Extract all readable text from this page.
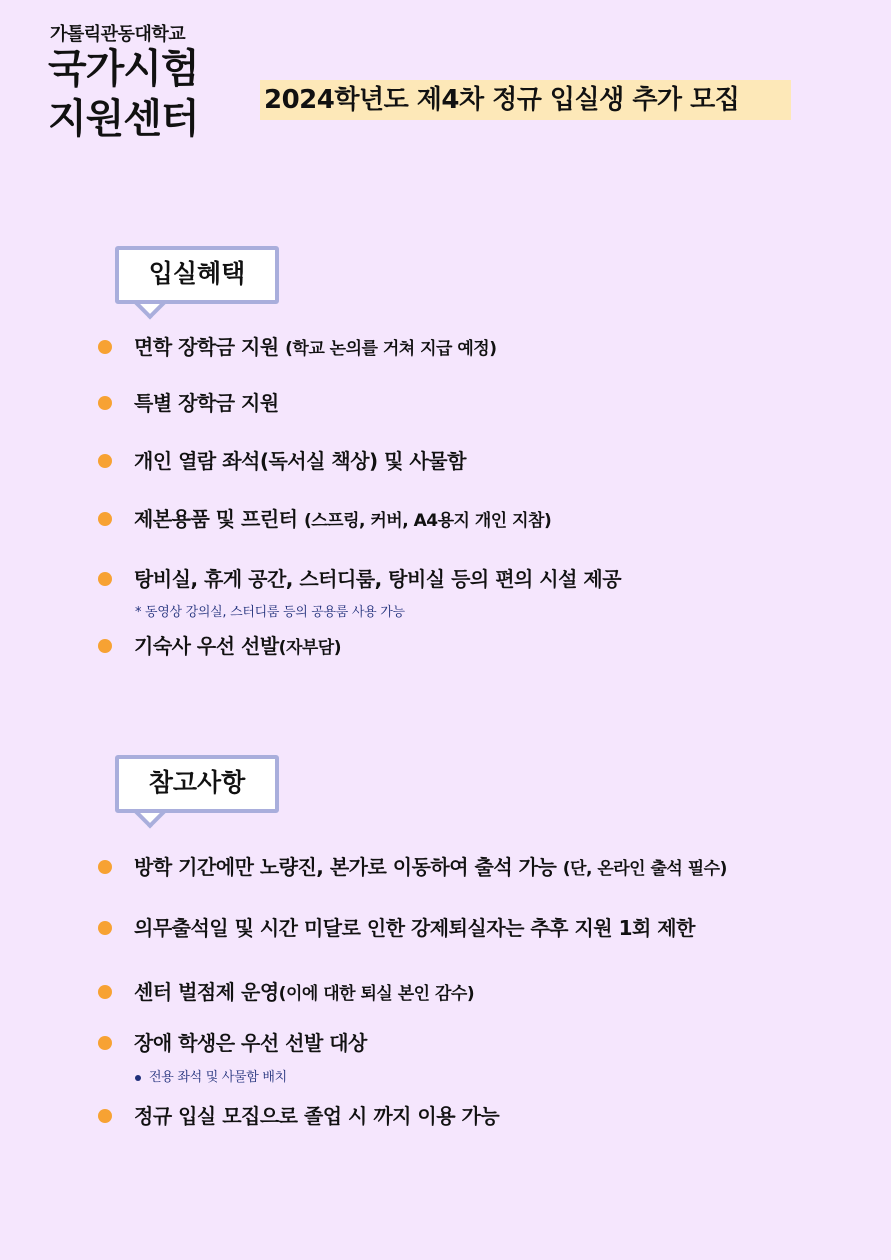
가톨릭관동대학교
국가시험
지원센터	2024학년도 제4차 정규 입실생 추가 모집
입실혜택
면학 장학금 지원 (학교 논의를 거쳐 지급 예정)
특별 장학금 지원
개인 열람 좌석(독서실 책상) 및 사물함
제본용품 및 프린터 (스프링, 커버, A4용지 개인 지참)
탕비실, 휴게 공간, 스터디룸, 탕비실 등의 편의 시설 제공
* 동영상 강의실, 스터디룸 등의 공용룸 사용 가능
기숙사 우선 선발(자부담)
참고사항
방학 기간에만 노량진, 본가로 이동하여 출석 가능 (단, 온라인 출석 필수)
의무출석일 및 시간 미달로 인한 강제퇴실자는 추후 지원 1회 제한
센터 벌점제 운영(이에 대한 퇴실 본인 감수)
장애 학생은 우선 선발 대상
전용 좌석 및 사물함 배치
정규 입실 모집으로 졸업 시 까지 이용 가능
